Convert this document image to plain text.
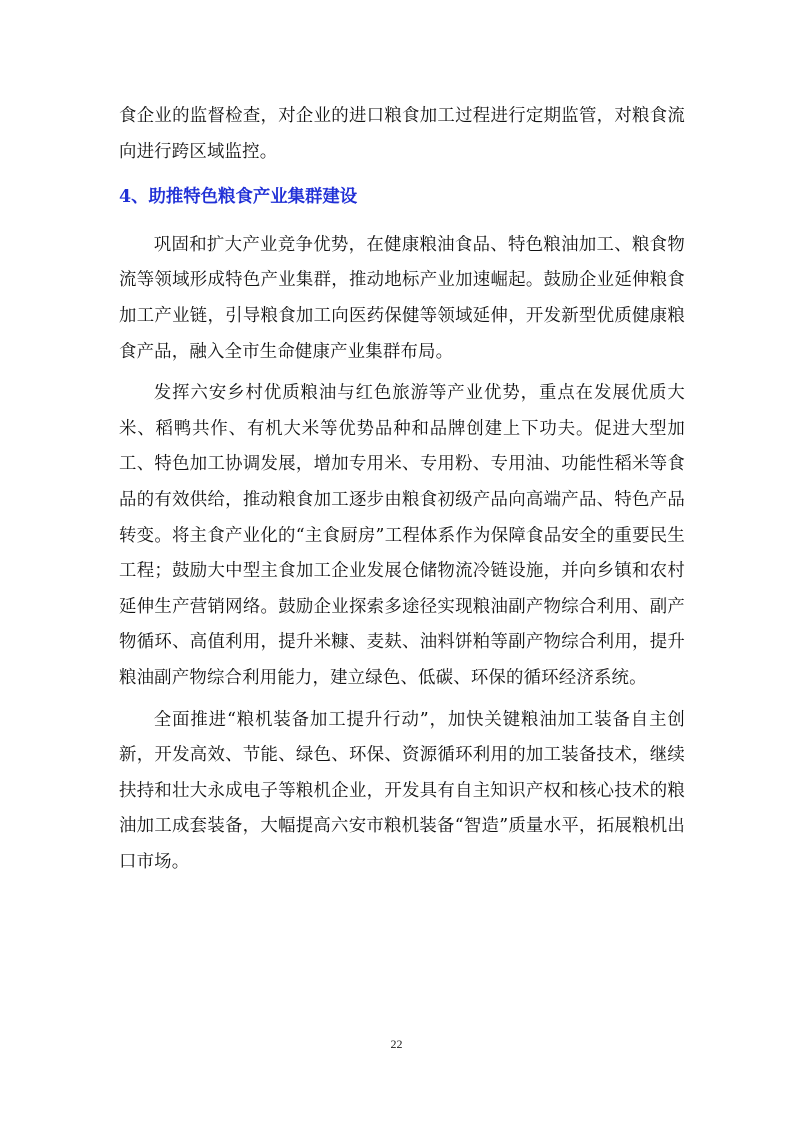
食企业的监督检查，对企业的进口粮食加工过程进行定期监管，对粮食流向进行跨区域监控。

4、助推特色粮食产业集群建设

巩固和扩大产业竞争优势，在健康粮油食品、特色粮油加工、粮食物流等领域形成特色产业集群，推动地标产业加速崛起。鼓励企业延伸粮食加工产业链，引导粮食加工向医药保健等领域延伸，开发新型优质健康粮食产品，融入全市生命健康产业集群布局。

发挥六安乡村优质粮油与红色旅游等产业优势，重点在发展优质大米、稻鸭共作、有机大米等优势品种和品牌创建上下功夫。促进大型加工、特色加工协调发展，增加专用米、专用粉、专用油、功能性稻米等食品的有效供给，推动粮食加工逐步由粮食初级产品向高端产品、特色产品转变。将主食产业化的“主食厨房”工程体系作为保障食品安全的重要民生工程；鼓励大中型主食加工企业发展仓储物流冷链设施，并向乡镇和农村延伸生产营销网络。鼓励企业探索多途径实现粮油副产物综合利用、副产物循环、高值利用，提升米糠、麦麸、油料饼粕等副产物综合利用，提升粮油副产物综合利用能力，建立绿色、低碳、环保的循环经济系统。

全面推进“粮机装备加工提升行动”，加快关键粮油加工装备自主创新，开发高效、节能、绿色、环保、资源循环利用的加工装备技术，继续扶持和壮大永成电子等粮机企业，开发具有自主知识产权和核心技术的粮油加工成套装备，大幅提高六安市粮机装备“智造”质量水平，拓展粮机出口市场。

22
